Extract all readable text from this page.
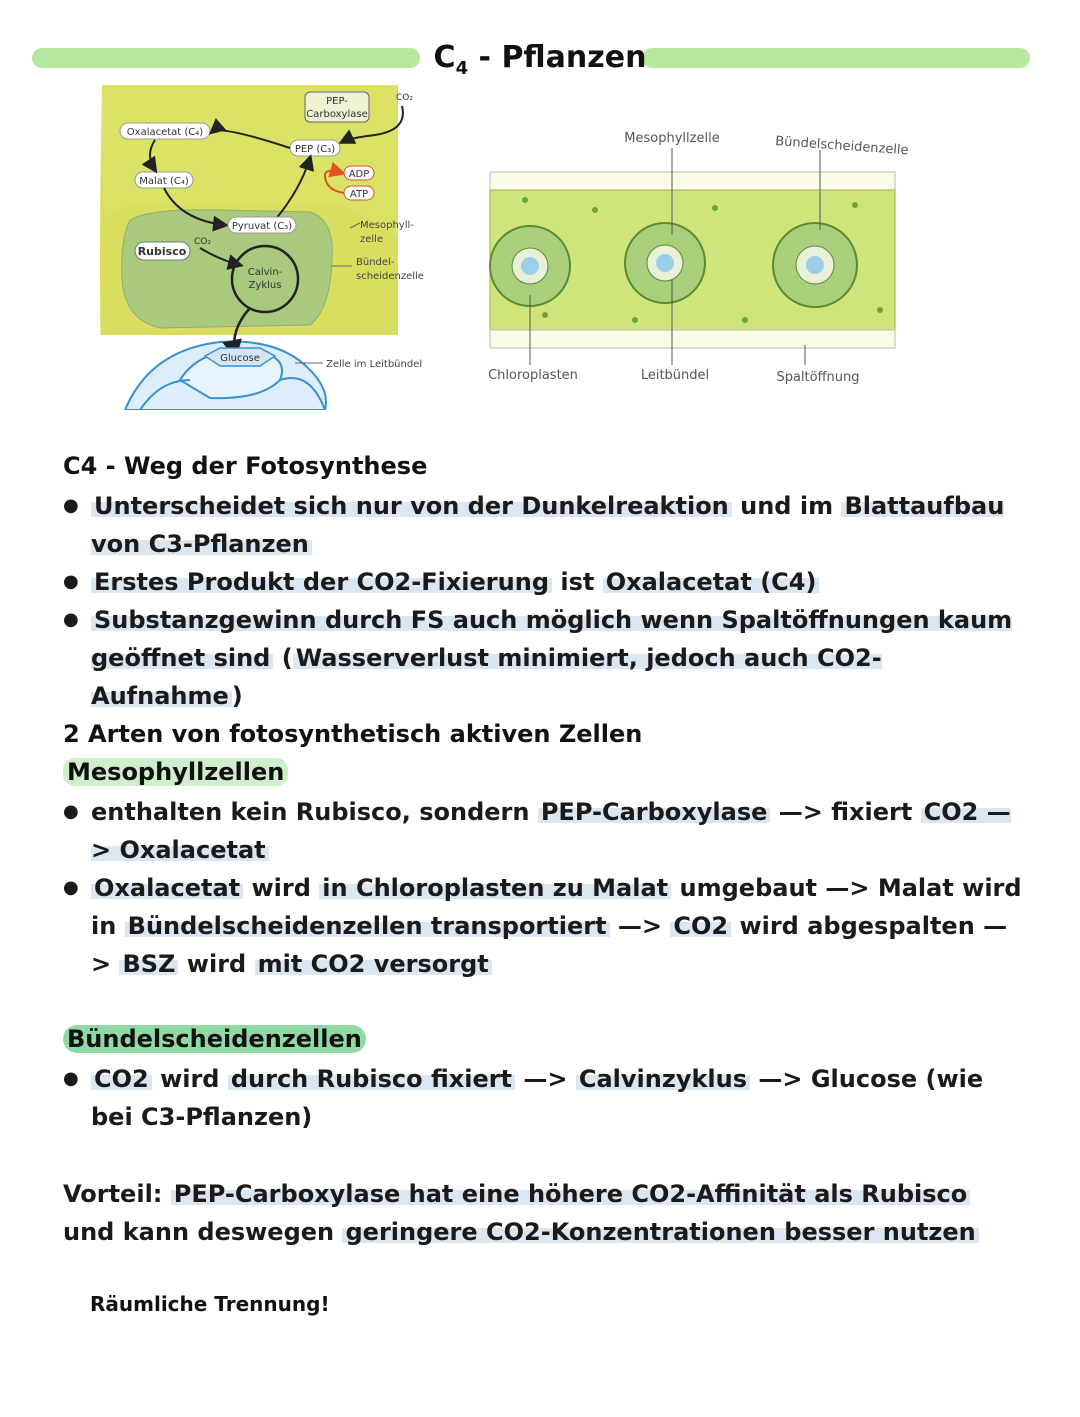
$C_4$ - Pflanzen
PEP-
Carboxylase
CO₂
Oxalacetat (C₄)
PEP (C₃)
ADP
ATP
Malat (C₄)
Pyruvat (C₃)
Rubisco
CO₂
Calvin-
Zyklus
Mesophyll-
zelle
Bündel-
scheidenzelle
Glucose
Zelle im Leitbündel
Mesophyllzelle	Bündelscheidenzelle
Chloroplasten	Leitbündel	Spaltöffnung
C4 - Weg der Fotosynthese
● Unterscheidet sich nur von der Dunkelreaktion und im Blattaufbau von C3-Pflanzen
● Erstes Produkt der CO2-Fixierung ist Oxalacetat (C4)
● Substanzgewinn durch FS auch möglich wenn Spaltöffnungen kaum geöffnet sind ( Wasserverlust minimiert, jedoch auch CO2-Aufnahme )
2 Arten von fotosynthetisch aktiven Zellen
Mesophyllzellen
● enthalten kein Rubisco, sondern PEP-Carboxylase —> fixiert CO2 —> Oxalacetat
● Oxalacetat wird in Chloroplasten zu Malat umgebaut —> Malat wird in Bündelscheidenzellen transportiert —> CO2 wird abgespalten —> BSZ wird mit CO2 versorgt
Bündelscheidenzellen
● CO2 wird durch Rubisco fixiert —> Calvinzyklus —> Glucose (wie bei C3-Pflanzen)

Vorteil: PEP-Carboxylase hat eine höhere CO2-Affinität als Rubisco und kann deswegen geringere CO2-Konzentrationen besser nutzen

Räumliche Trennung!
